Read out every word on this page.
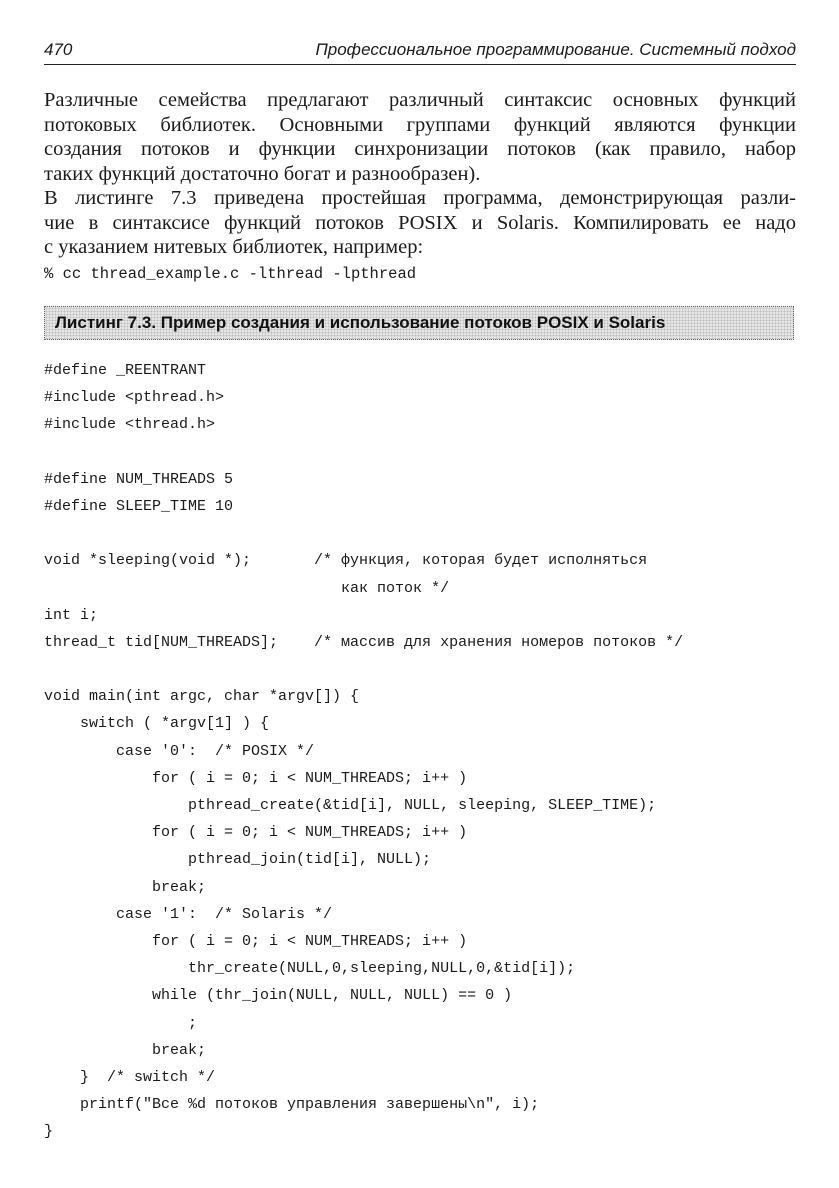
470	Профессиональное программирование. Системный подход
Различные семейства предлагают различный синтаксис основных функций
потоковых библиотек. Основными группами функций являются функции
создания потоков и функции синхронизации потоков (как правило, набор
таких функций достаточно богат и разнообразен).
В листинге 7.3 приведена простейшая программа, демонстрирующая разли-
чие в синтаксисе функций потоков POSIX и Solaris. Компилировать ее надо
с указанием нитевых библиотек, например:
% cc thread_example.c -lthread -lpthread
Листинг 7.3. Пример создания и использование потоков POSIX и Solaris
#define _REENTRANT
#include <pthread.h>
#include <thread.h>
#define NUM_THREADS 5
#define SLEEP_TIME 10
void *sleeping(void *);       /* функция, которая будет исполняться
как поток */
int i;
thread_t tid[NUM_THREADS];    /* массив для хранения номеров потоков */
void main(int argc, char *argv[]) {
switch ( *argv[1] ) {
case '0':  /* POSIX */
for ( i = 0; i < NUM_THREADS; i++ )
pthread_create(&tid[i], NULL, sleeping, SLEEP_TIME);
for ( i = 0; i < NUM_THREADS; i++ )
pthread_join(tid[i], NULL);
break;
case '1':  /* Solaris */
for ( i = 0; i < NUM_THREADS; i++ )
thr_create(NULL,0,sleeping,NULL,0,&tid[i]);
while (thr_join(NULL, NULL, NULL) == 0 )
;
break;
}  /* switch */
printf("Все %d потоков управления завершены\n", i);
}
